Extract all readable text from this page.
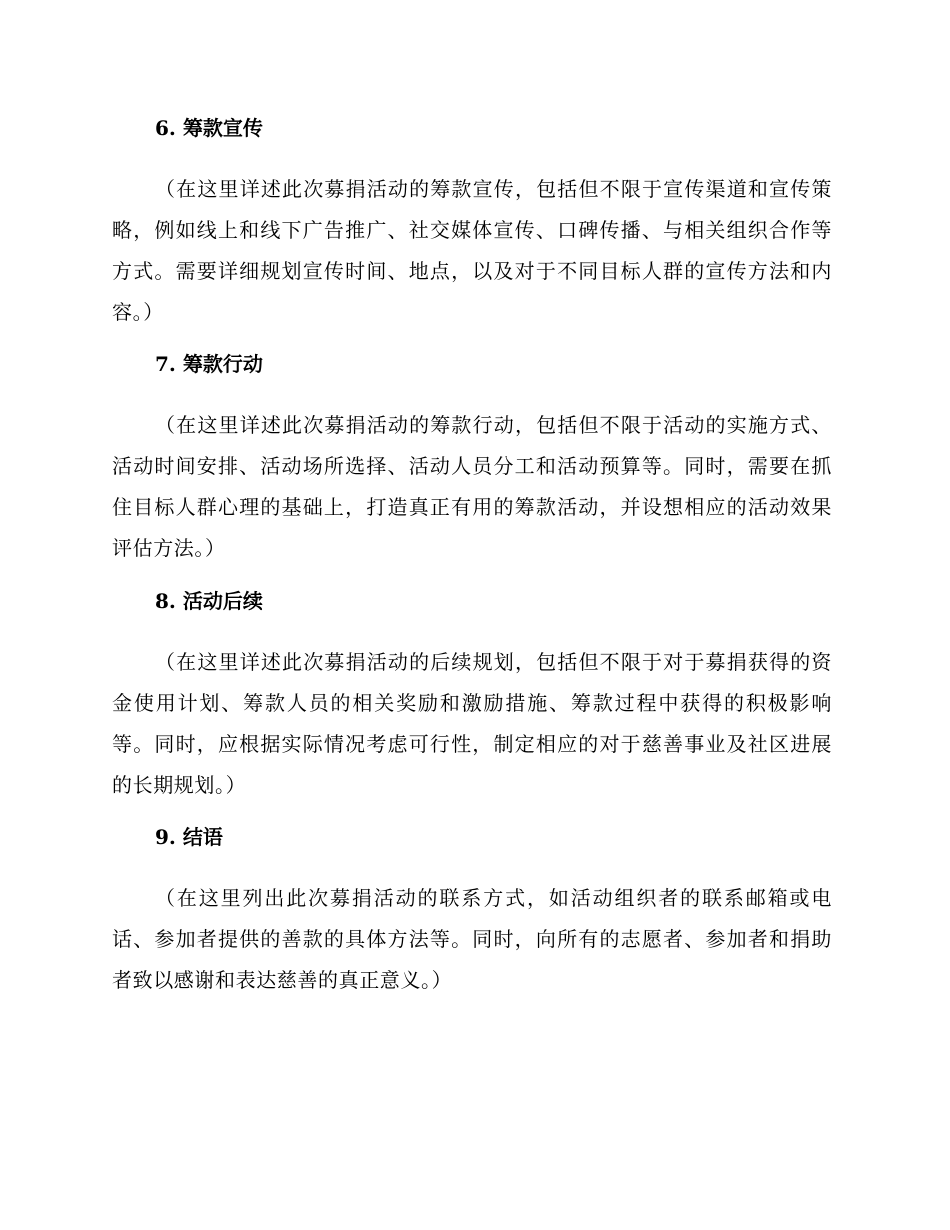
6. 筹款宣传
（在这里详述此次募捐活动的筹款宣传，包括但不限于宣传渠道和宣传策略，例如线上和线下广告推广、社交媒体宣传、口碑传播、与相关组织合作等方式。需要详细规划宣传时间、地点，以及对于不同目标人群的宣传方法和内容。）
7. 筹款行动
（在这里详述此次募捐活动的筹款行动，包括但不限于活动的实施方式、活动时间安排、活动场所选择、活动人员分工和活动预算等。同时，需要在抓住目标人群心理的基础上，打造真正有用的筹款活动，并设想相应的活动效果评估方法。）
8. 活动后续
（在这里详述此次募捐活动的后续规划，包括但不限于对于募捐获得的资金使用计划、筹款人员的相关奖励和激励措施、筹款过程中获得的积极影响等。同时，应根据实际情况考虑可行性，制定相应的对于慈善事业及社区进展的长期规划。）
9. 结语
（在这里列出此次募捐活动的联系方式，如活动组织者的联系邮箱或电话、参加者提供的善款的具体方法等。同时，向所有的志愿者、参加者和捐助者致以感谢和表达慈善的真正意义。）
